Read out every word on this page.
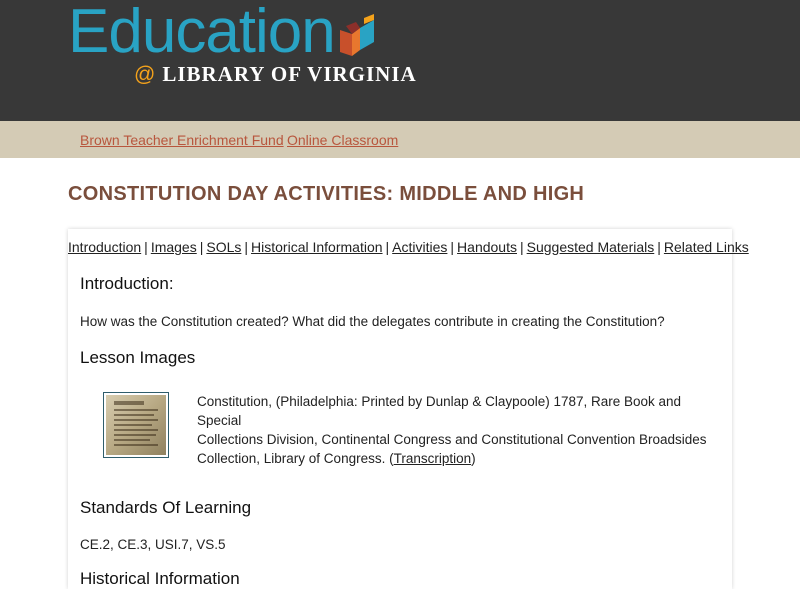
Education
@ LIBRARY OF VIRGINIA
Brown Teacher Enrichment Fund Online Classroom
CONSTITUTION DAY ACTIVITIES: MIDDLE AND HIGH
Introduction | Images | SOLs | Historical Information | Activities | Handouts | Suggested Materials | Related Links
Introduction:

How was the Constitution created? What did the delegates contribute in creating the Constitution?

Lesson Images
Constitution, (Philadelphia: Printed by Dunlap & Claypoole) 1787, Rare Book and Special
Collections Division, Continental Congress and Constitutional Convention Broadsides
Collection, Library of Congress. (Transcription)
Standards Of Learning

CE.2, CE.3, USI.7, VS.5

Historical Information
